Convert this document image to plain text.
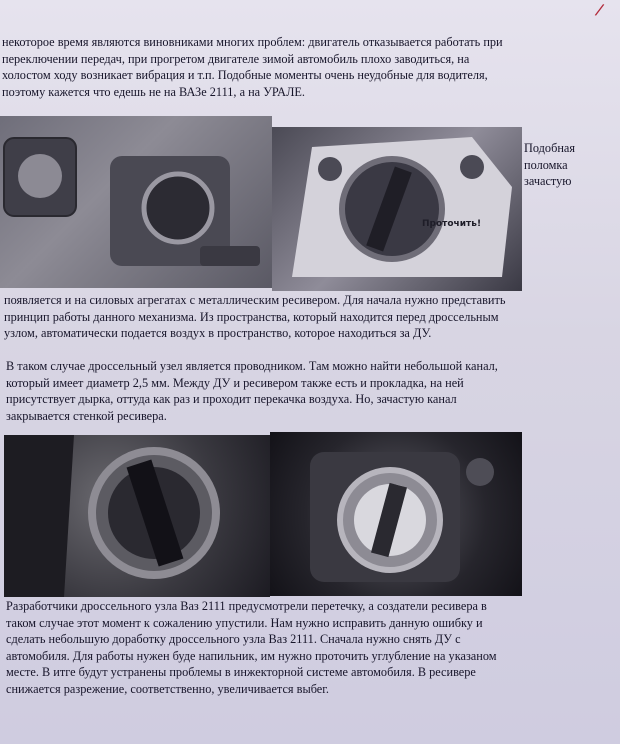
/

некоторое время являются виновниками многих проблем: двигатель отказывается работать при
переключении передач, при прогретом двигателе зимой автомобиль плохо заводиться, на
холостом ходу возникает вибрация и т.п. Подобные моменты очень неудобные для водителя,
поэтому кажется что едешь не на ВАЗе 2111, а на УРАЛЕ.

Проточить!
Подобная
поломка
зачастую

появляется и на силовых агрегатах с металлическим ресивером. Для начала нужно представить
принцип работы данного механизма. Из пространства, который находится перед дроссельным
узлом, автоматически подается воздух в пространство, которое находиться за ДУ.

В таком случае дроссельный узел является проводником. Там можно найти небольшой канал,
который имеет диаметр 2,5 мм. Между ДУ и ресивером также есть и прокладка, на ней
присутствует дырка, оттуда как раз и проходит перекачка воздуха. Но, зачастую канал
закрывается стенкой ресивера.

Разработчики дроссельного узла Ваз 2111 предусмотрели перетечку, а создатели ресивера в
таком случае этот момент к сожалению упустили. Нам нужно исправить данную ошибку и
сделать небольшую доработку дроссельного узла Ваз 2111. Сначала нужно снять ДУ с
автомобиля. Для работы нужен буде напильник, им нужно проточить углубление на указаном
месте. В итге будут устранены проблемы в инжекторной системе автомобиля. В ресивере
снижается разрежение, соответственно, увеличивается выбег.
